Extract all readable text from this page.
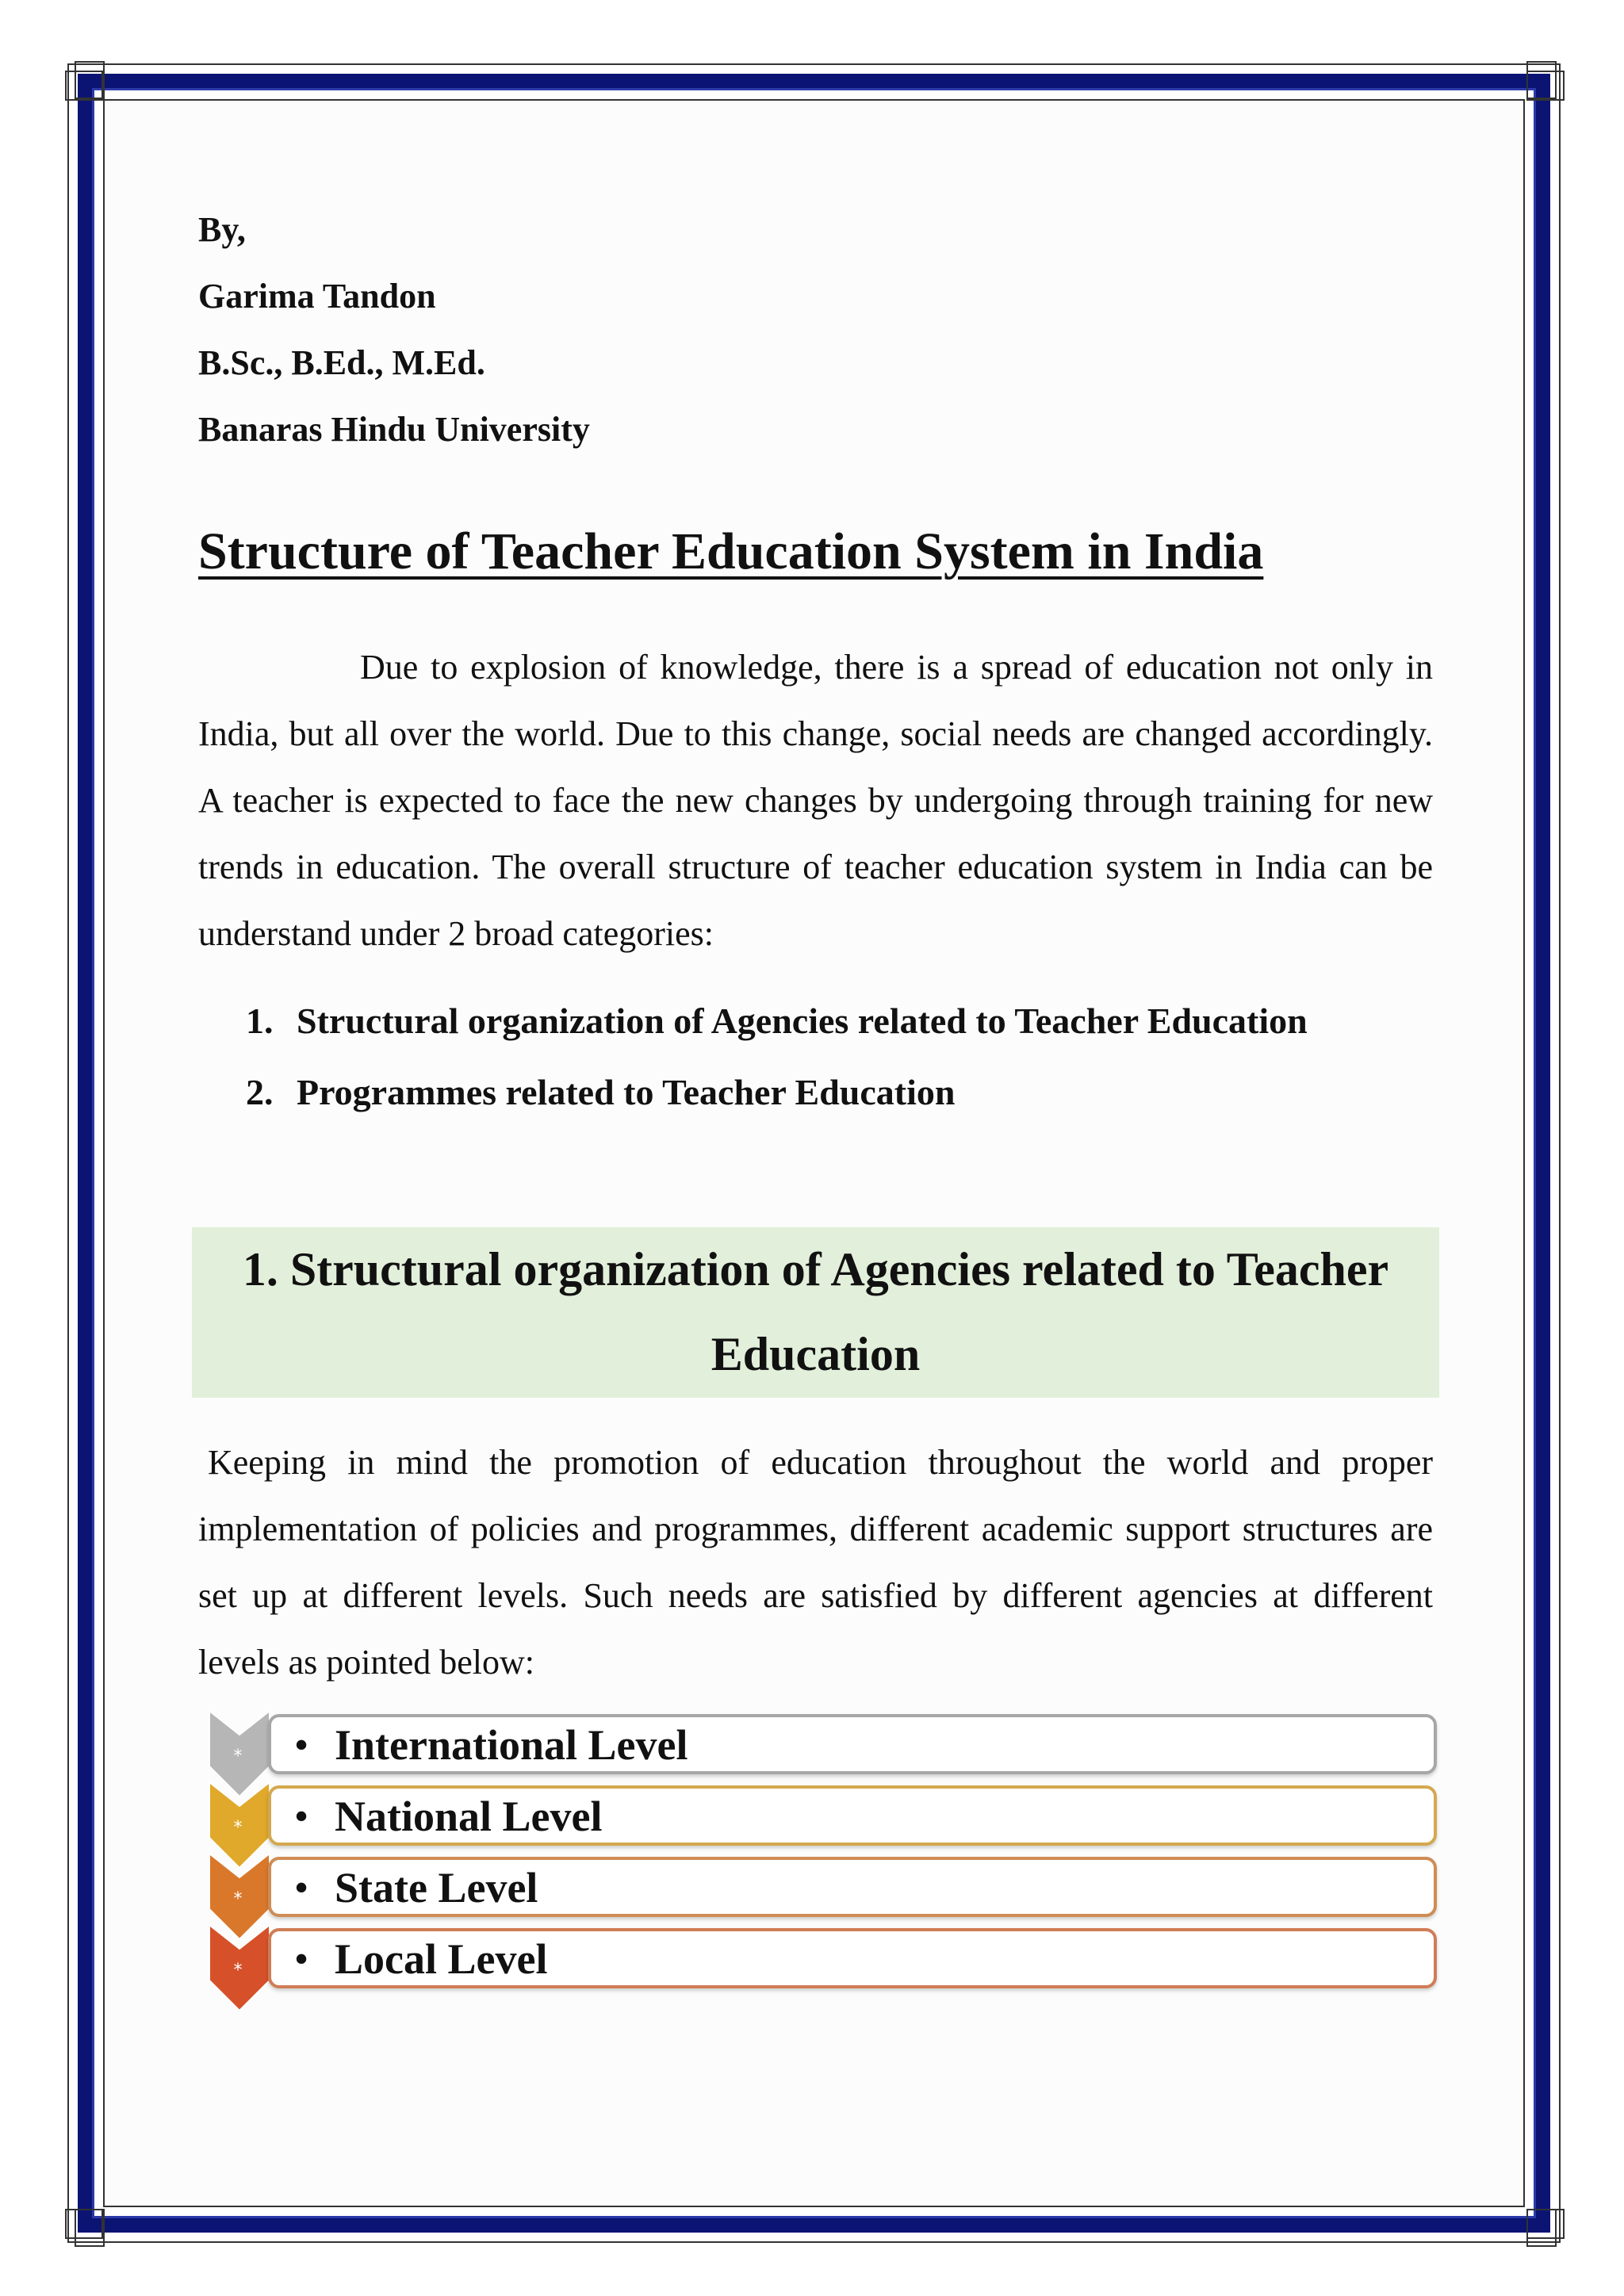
By,
Garima Tandon
B.Sc., B.Ed., M.Ed.
Banaras Hindu University
Structure of Teacher Education System in India

Due to explosion of knowledge, there is a spread of education not only in India, but all over the world. Due to this change, social needs are changed accordingly. A teacher is expected to face the new changes by undergoing through training for new trends in education. The overall structure of teacher education system in India can be understand under 2 broad categories:

1. Structural organization of Agencies related to Teacher Education
2. Programmes related to Teacher Education
1. Structural organization of Agencies related to Teacher
Education

Keeping in mind the promotion of education throughout the world and proper implementation of policies and programmes, different academic support structures are set up at different levels. Such needs are satisfied by different agencies at different levels as pointed below:

* • International Level
* • National Level
* • State Level
* • Local Level
